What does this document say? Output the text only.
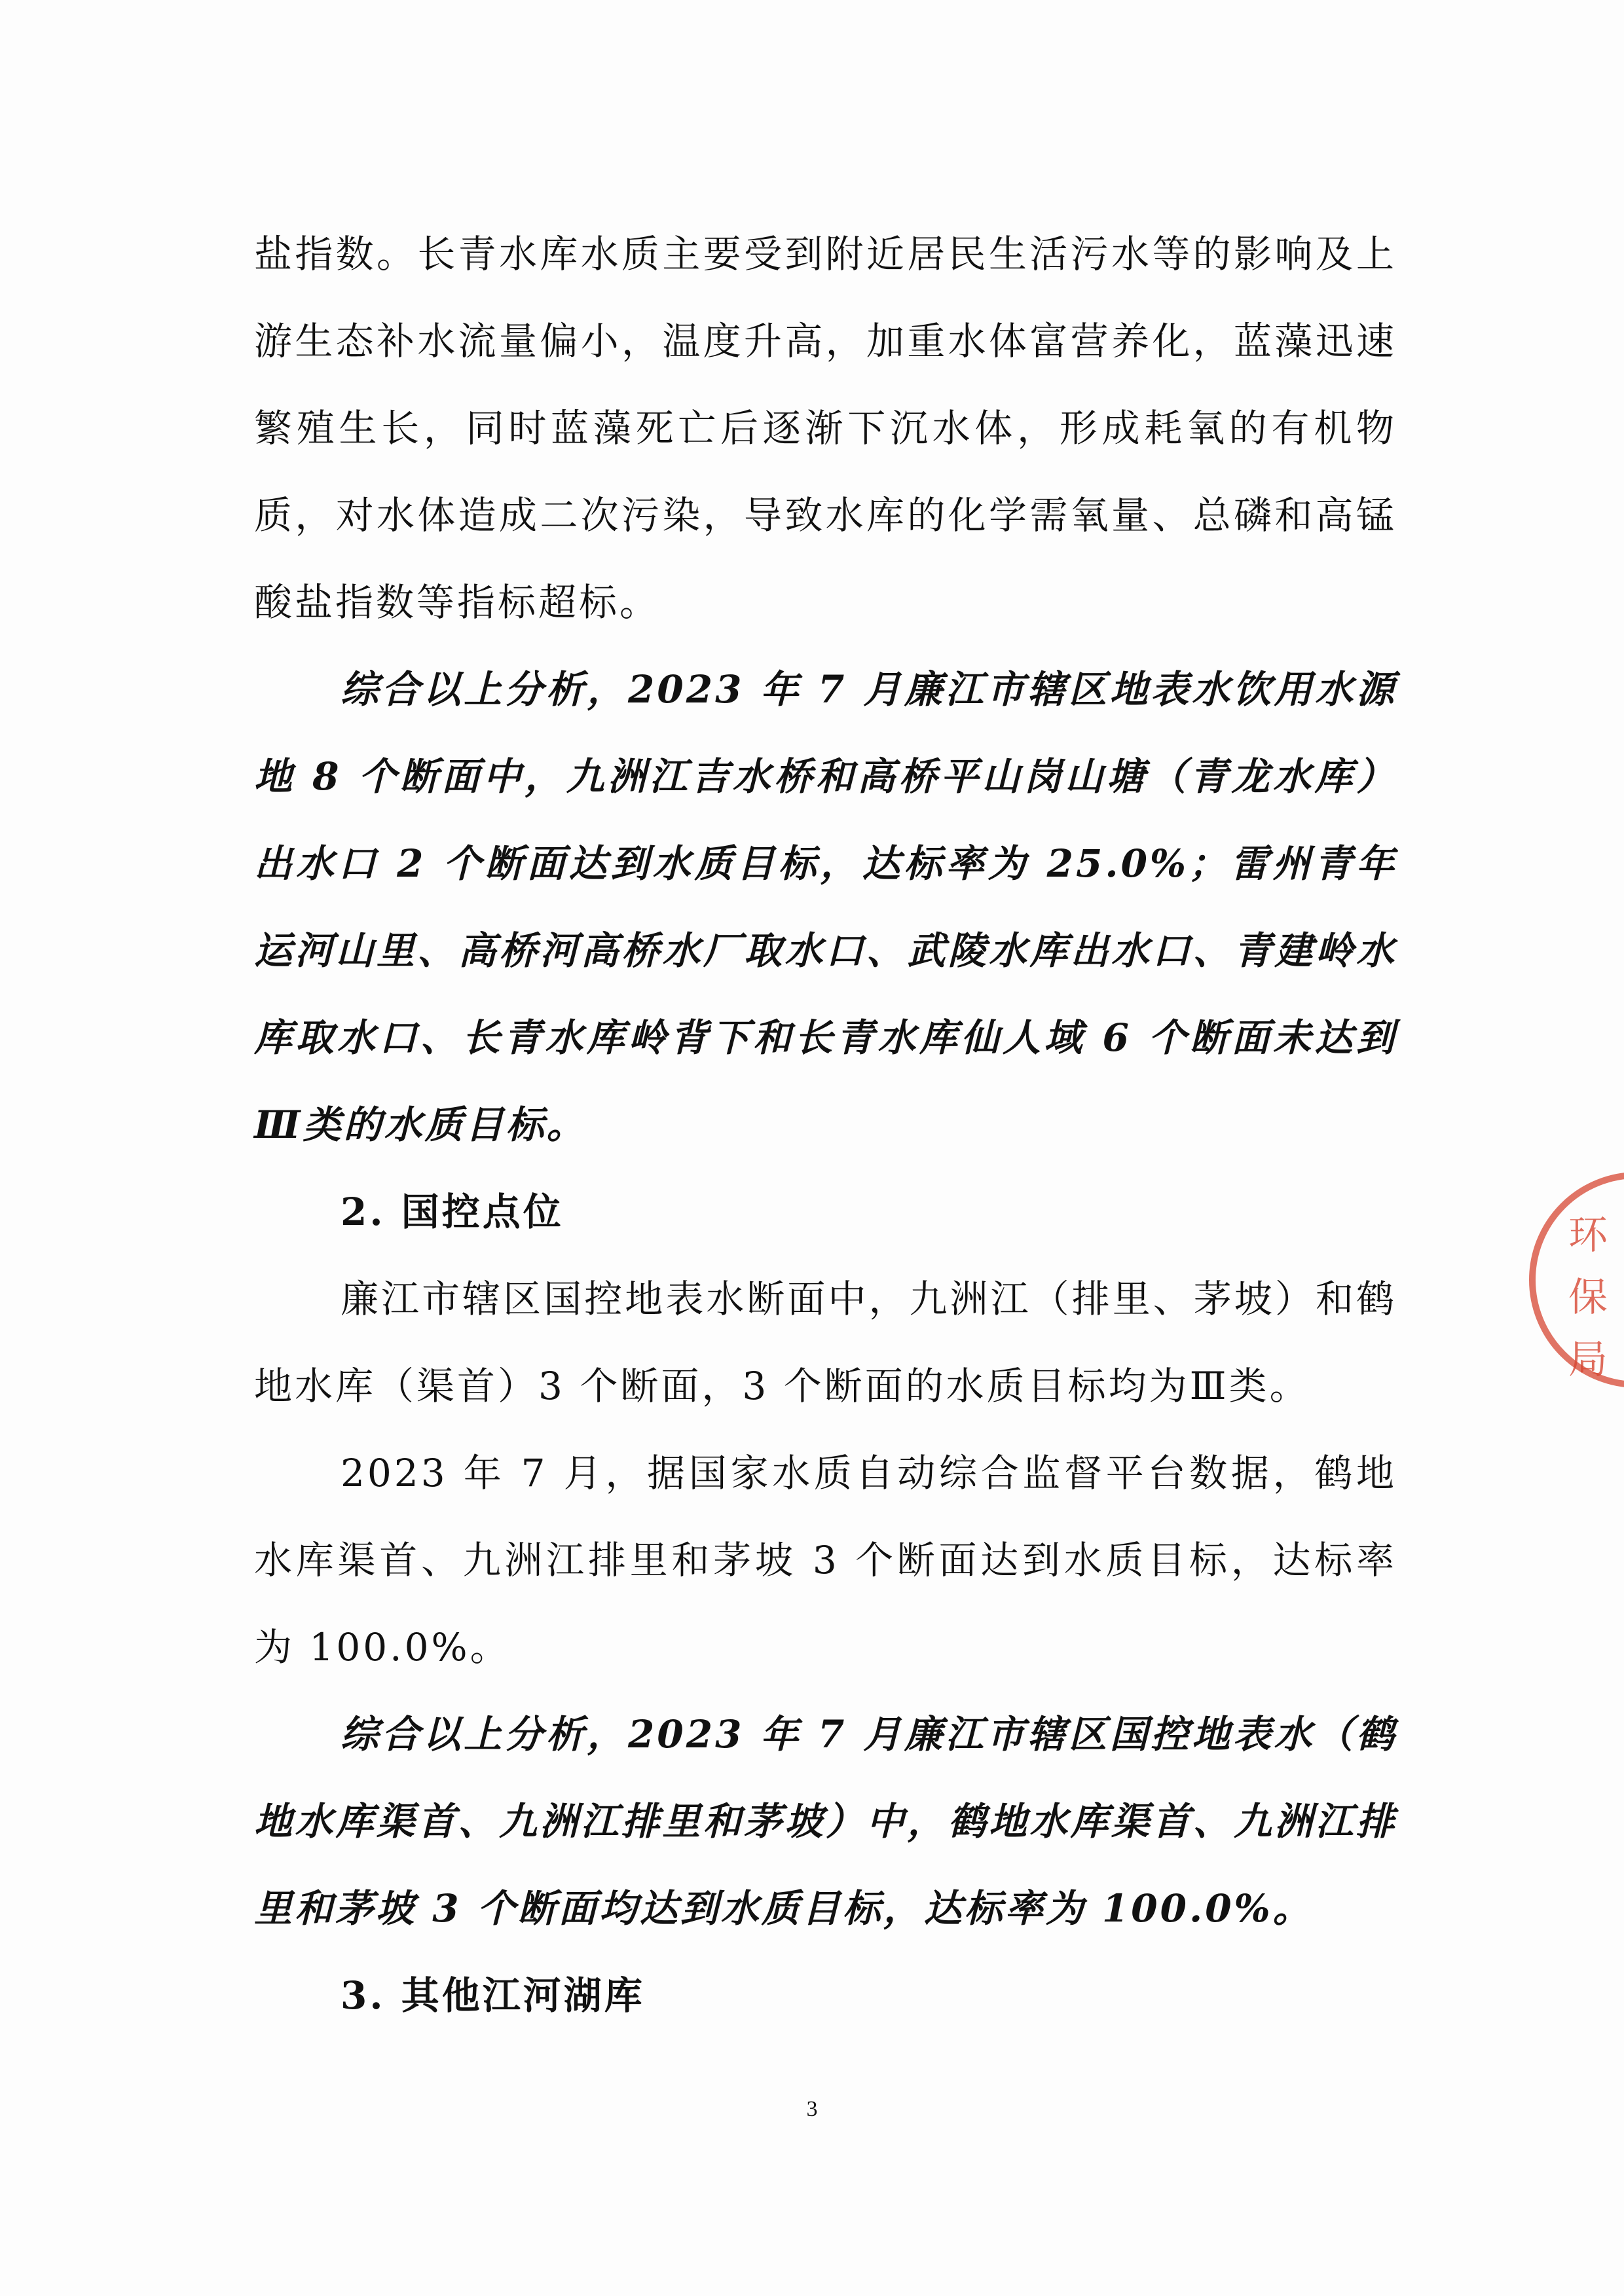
盐指数。长青水库水质主要受到附近居民生活污水等的影响及上游生态补水流量偏小，温度升高，加重水体富营养化，蓝藻迅速繁殖生长，同时蓝藻死亡后逐渐下沉水体，形成耗氧的有机物质，对水体造成二次污染，导致水库的化学需氧量、总磷和高锰酸盐指数等指标超标。

综合以上分析，2023 年 7 月廉江市辖区地表水饮用水源地 8 个断面中，九洲江吉水桥和高桥平山岗山塘（青龙水库）出水口 2 个断面达到水质目标，达标率为 25.0%；雷州青年运河山里、高桥河高桥水厂取水口、武陵水库出水口、青建岭水库取水口、长青水库岭背下和长青水库仙人域 6 个断面未达到Ⅲ类的水质目标。

2. 国控点位

廉江市辖区国控地表水断面中，九洲江（排里、茅坡）和鹤地水库（渠首）3 个断面，3 个断面的水质目标均为Ⅲ类。

2023 年 7 月，据国家水质自动综合监督平台数据，鹤地水库渠首、九洲江排里和茅坡 3 个断面达到水质目标，达标率为 100.0%。

综合以上分析，2023 年 7 月廉江市辖区国控地表水（鹤地水库渠首、九洲江排里和茅坡）中，鹤地水库渠首、九洲江排里和茅坡 3 个断面均达到水质目标，达标率为 100.0%。

3. 其他江河湖库

环
保
局
3
